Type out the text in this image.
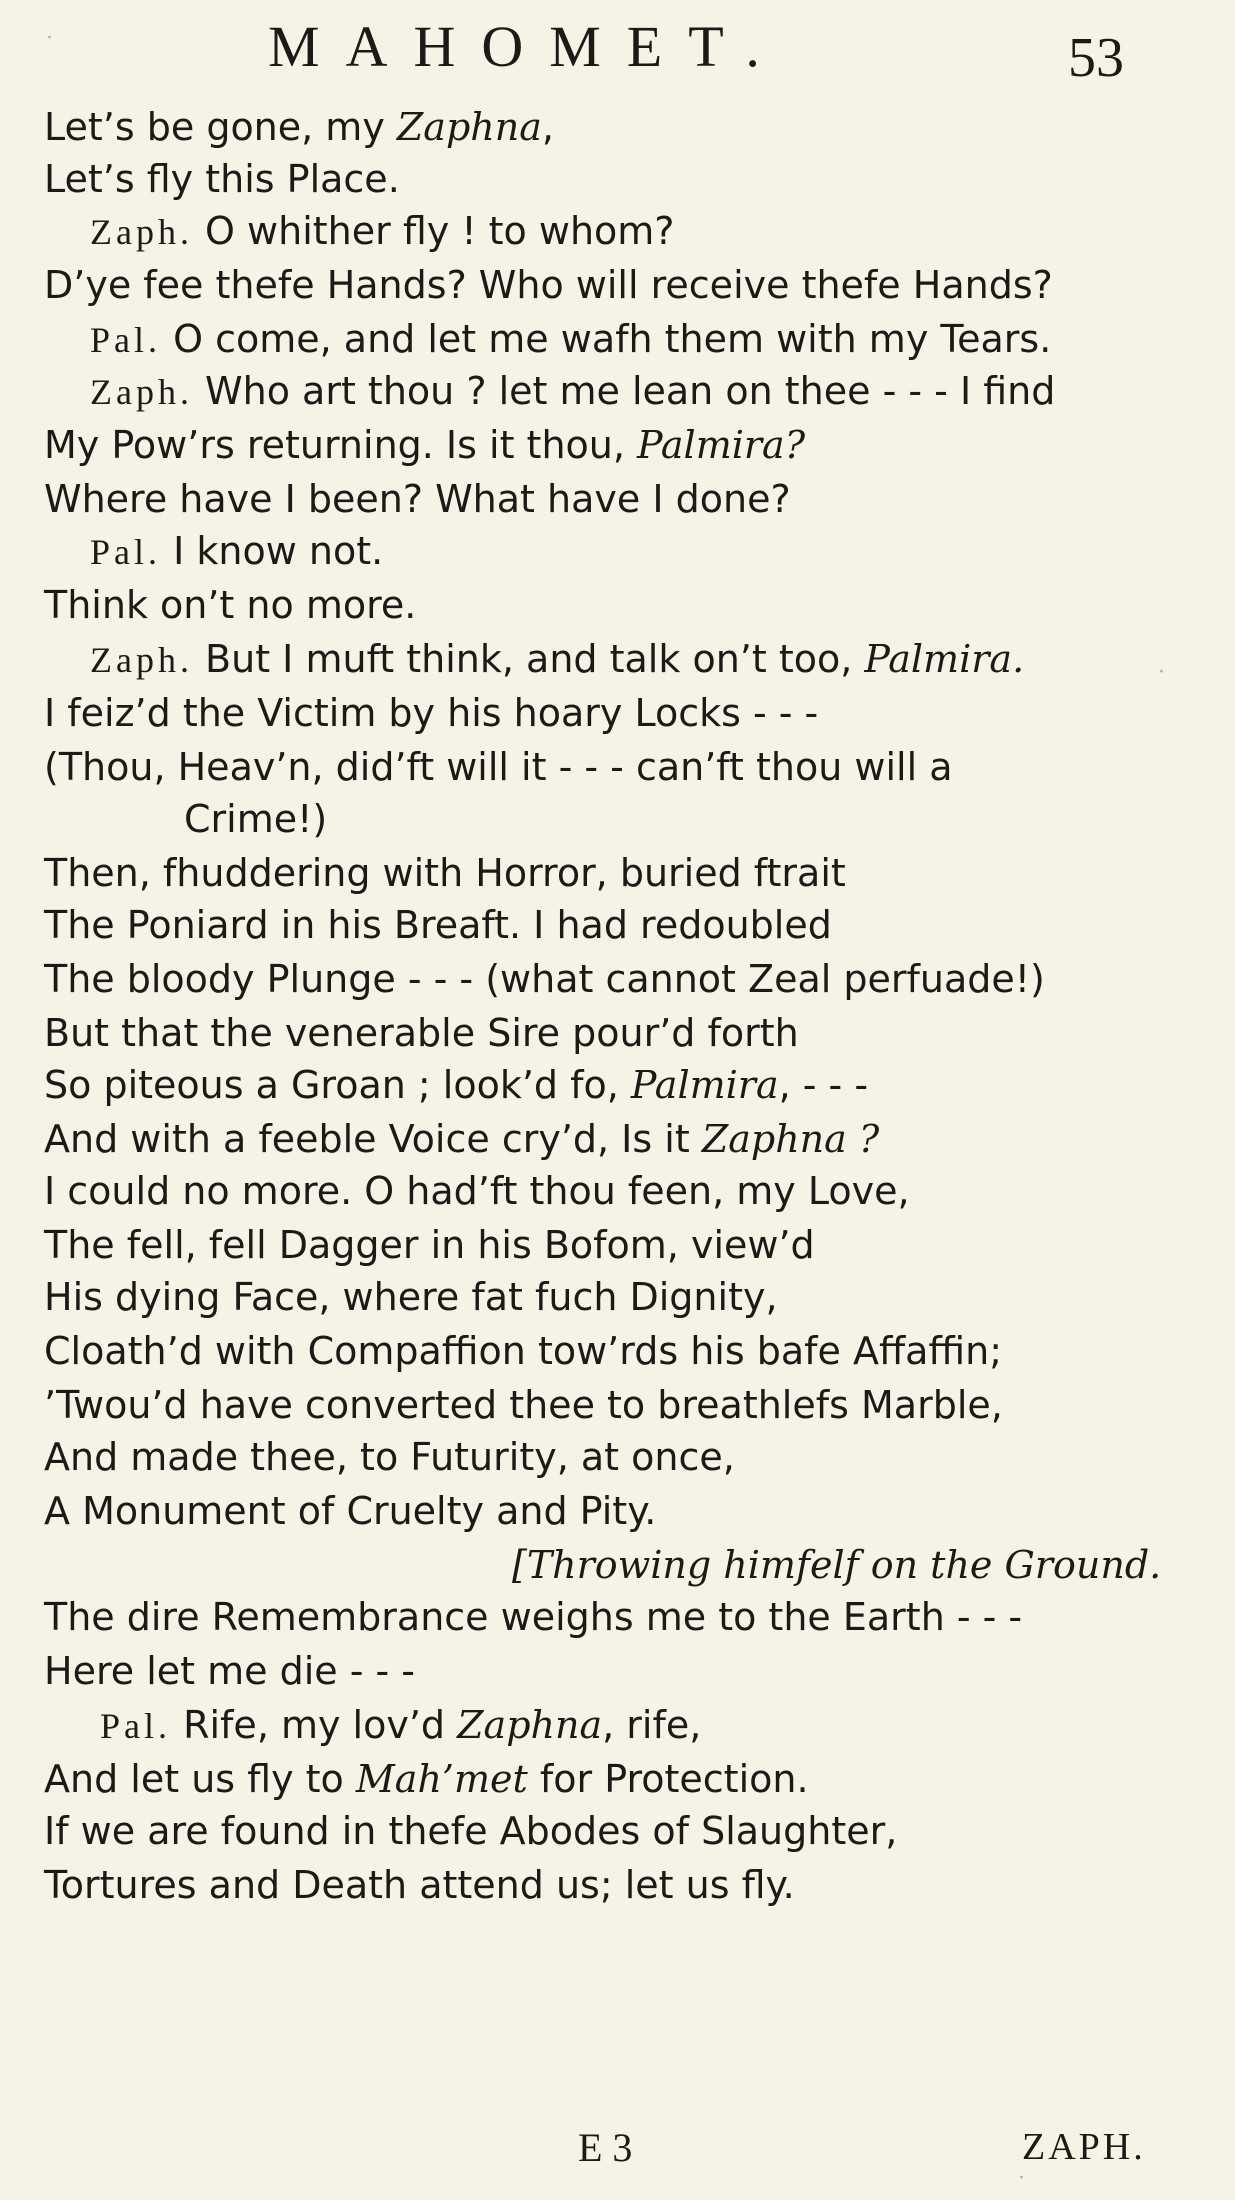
MAHOMET.	53
Let’s be gone, my Zaphna,
Let’s fly this Place.
Zaph. O whither fly ! to whom?
D’ye fee thefe Hands? Who will receive thefe Hands?
Pal. O come, and let me wafh them with my Tears.
Zaph. Who art thou ? let me lean on thee - - - I find
My Pow’rs returning. Is it thou, Palmira?
Where have I been? What have I done?
Pal. I know not.
Think on’t no more.
Zaph. But I muft think, and talk on’t too, Palmira.
I feiz’d the Victim by his hoary Locks - - -
(Thou, Heav’n, did’ft will it - - - can’ft thou will a
Crime!)
Then, fhuddering with Horror, buried ftrait
The Poniard in his Breaft. I had redoubled
The bloody Plunge - - - (what cannot Zeal perfuade!)
But that the venerable Sire pour’d forth
So piteous a Groan ; look’d fo, Palmira, - - -
And with a feeble Voice cry’d, Is it Zaphna ?
I could no more. O had’ft thou feen, my Love,
The fell, fell Dagger in his Bofom, view’d
His dying Face, where fat fuch Dignity,
Cloath’d with Compaffion tow’rds his bafe Affaffin;
’Twou’d have converted thee to breathlefs Marble,
And made thee, to Futurity, at once,
A Monument of Cruelty and Pity.
[Throwing himfelf on the Ground.
The dire Remembrance weighs me to the Earth - - -
Here let me die - - -
Pal. Rife, my lov’d Zaphna, rife,
And let us fly to Mah’met for Protection.
If we are found in thefe Abodes of Slaughter,
Tortures and Death attend us; let us fly.
E 3	ZAPH.
·
·
·
